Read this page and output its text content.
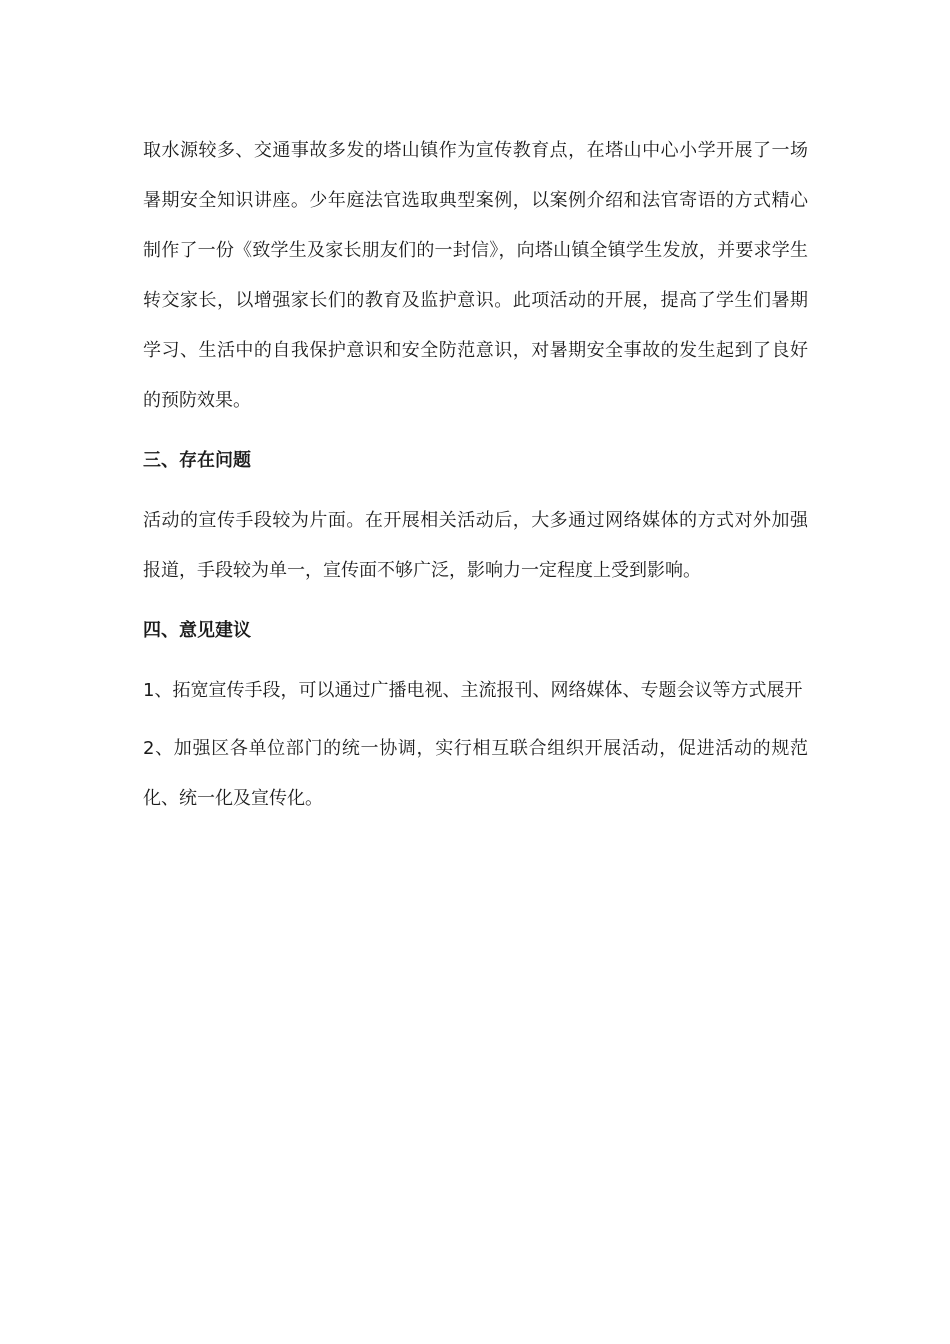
取水源较多、交通事故多发的塔山镇作为宣传教育点，在塔山中心小学开展了一场暑期安全知识讲座。少年庭法官选取典型案例，以案例介绍和法官寄语的方式精心制作了一份《致学生及家长朋友们的一封信》，向塔山镇全镇学生发放，并要求学生转交家长，以增强家长们的教育及监护意识。此项活动的开展，提高了学生们暑期学习、生活中的自我保护意识和安全防范意识，对暑期安全事故的发生起到了良好的预防效果。

三、存在问题

活动的宣传手段较为片面。在开展相关活动后，大多通过网络媒体的方式对外加强报道，手段较为单一，宣传面不够广泛，影响力一定程度上受到影响。

四、意见建议

1、拓宽宣传手段，可以通过广播电视、主流报刊、网络媒体、专题会议等方式展开

2、加强区各单位部门的统一协调，实行相互联合组织开展活动，促进活动的规范化、统一化及宣传化。
